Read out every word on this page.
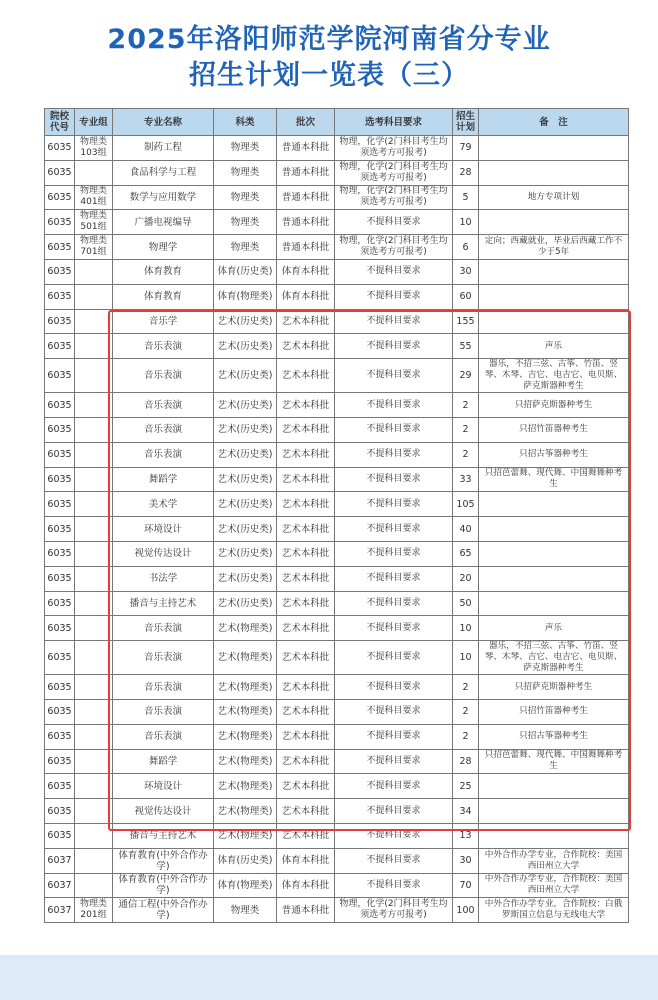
2025年洛阳师范学院河南省分专业
招生计划一览表（三）
院校代号	专业组	专业名称	科类	批次	选考科目要求	招生计划	备　注
6035	物理类103组	制药工程	物理类	普通本科批	物理，化学(2门科目考生均须选考方可报考)	79	
6035		食品科学与工程	物理类	普通本科批	物理，化学(2门科目考生均须选考方可报考)	28	
6035	物理类401组	数学与应用数学	物理类	普通本科批	物理，化学(2门科目考生均须选考方可报考)	5	地方专项计划
6035	物理类501组	广播电视编导	物理类	普通本科批	不提科目要求	10	
6035	物理类701组	物理学	物理类	普通本科批	物理，化学(2门科目考生均须选考方可报考)	6	定向；西藏就业，毕业后西藏工作不少于5年
6035		体育教育	体育(历史类)	体育本科批	不提科目要求	30	
6035		体育教育	体育(物理类)	体育本科批	不提科目要求	60	
6035		音乐学	艺术(历史类)	艺术本科批	不提科目要求	155	
6035		音乐表演	艺术(历史类)	艺术本科批	不提科目要求	55	声乐
6035		音乐表演	艺术(历史类)	艺术本科批	不提科目要求	29	器乐，不招三弦、古筝、竹笛、竖琴、木琴、吉它、电吉它、电贝斯、萨克斯器种考生
6035		音乐表演	艺术(历史类)	艺术本科批	不提科目要求	2	只招萨克斯器种考生
6035		音乐表演	艺术(历史类)	艺术本科批	不提科目要求	2	只招竹笛器种考生
6035		音乐表演	艺术(历史类)	艺术本科批	不提科目要求	2	只招古筝器种考生
6035		舞蹈学	艺术(历史类)	艺术本科批	不提科目要求	33	只招芭蕾舞、现代舞、中国舞舞种考生
6035		美术学	艺术(历史类)	艺术本科批	不提科目要求	105	
6035		环境设计	艺术(历史类)	艺术本科批	不提科目要求	40	
6035		视觉传达设计	艺术(历史类)	艺术本科批	不提科目要求	65	
6035		书法学	艺术(历史类)	艺术本科批	不提科目要求	20	
6035		播音与主持艺术	艺术(历史类)	艺术本科批	不提科目要求	50	
6035		音乐表演	艺术(物理类)	艺术本科批	不提科目要求	10	声乐
6035		音乐表演	艺术(物理类)	艺术本科批	不提科目要求	10	器乐，不招三弦、古筝、竹笛、竖琴、木琴、吉它、电吉它、电贝斯、萨克斯器种考生
6035		音乐表演	艺术(物理类)	艺术本科批	不提科目要求	2	只招萨克斯器种考生
6035		音乐表演	艺术(物理类)	艺术本科批	不提科目要求	2	只招竹笛器种考生
6035		音乐表演	艺术(物理类)	艺术本科批	不提科目要求	2	只招古筝器种考生
6035		舞蹈学	艺术(物理类)	艺术本科批	不提科目要求	28	只招芭蕾舞、现代舞、中国舞舞种考生
6035		环境设计	艺术(物理类)	艺术本科批	不提科目要求	25	
6035		视觉传达设计	艺术(物理类)	艺术本科批	不提科目要求	34	
6035		播音与主持艺术	艺术(物理类)	艺术本科批	不提科目要求	13	
6037		体育教育(中外合作办学)	体育(历史类)	体育本科批	不提科目要求	30	中外合作办学专业，合作院校：美国西田州立大学
6037		体育教育(中外合作办学)	体育(物理类)	体育本科批	不提科目要求	70	中外合作办学专业，合作院校：美国西田州立大学
6037	物理类201组	通信工程(中外合作办学)	物理类	普通本科批	物理，化学(2门科目考生均须选考方可报考)	100	中外合作办学专业，合作院校：白俄罗斯国立信息与无线电大学
